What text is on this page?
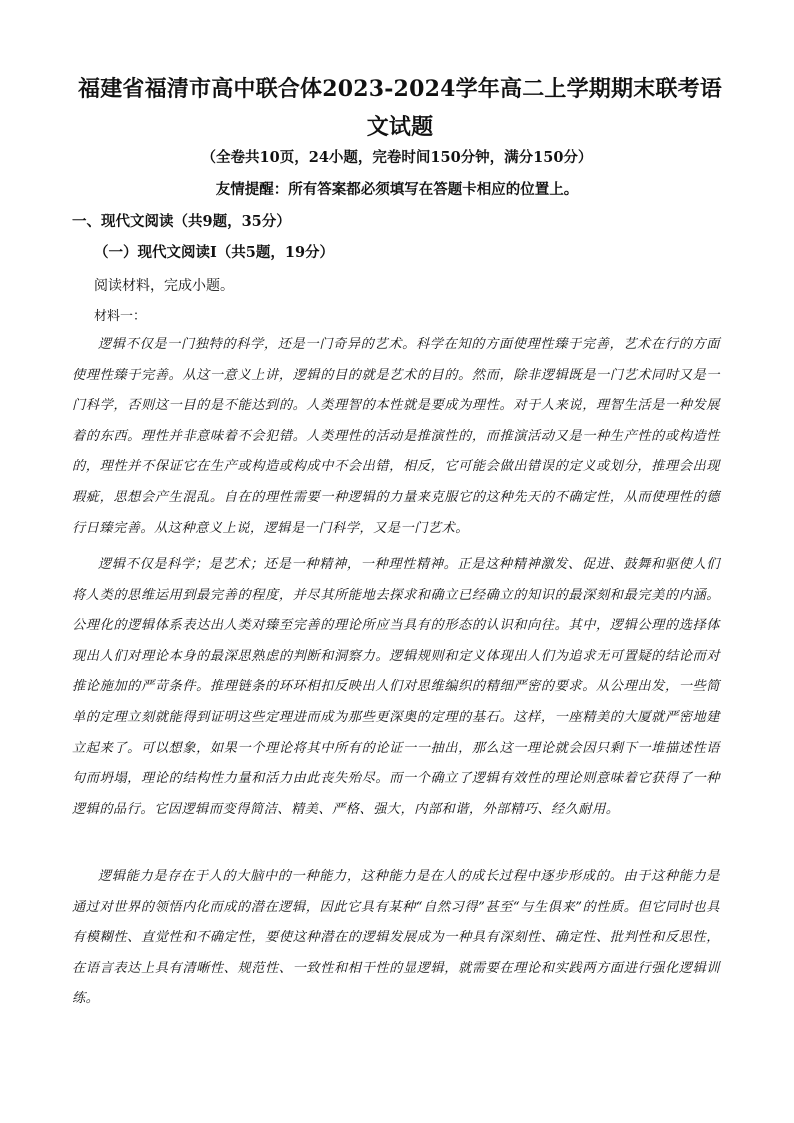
福建省福清市高中联合体2023-2024学年高二上学期期末联考语文试题
（全卷共10页，24小题，完卷时间150分钟，满分150分）
友情提醒：所有答案都必须填写在答题卡相应的位置上。
一、现代文阅读（共9题，35分）
（一）现代文阅读Ⅰ（共5题，19分）
阅读材料，完成小题。
材料一：

逻辑不仅是一门独特的科学，还是一门奇异的艺术。科学在知的方面使理性臻于完善，艺术在行的方面使理性臻于完善。从这一意义上讲，逻辑的目的就是艺术的目的。然而，除非逻辑既是一门艺术同时又是一门科学，否则这一目的是不能达到的。人类理智的本性就是要成为理性。对于人来说，理智生活是一种发展着的东西。理性并非意味着不会犯错。人类理性的活动是推演性的，而推演活动又是一种生产性的或构造性的，理性并不保证它在生产或构造或构成中不会出错，相反，它可能会做出错误的定义或划分，推理会出现瑕疵，思想会产生混乱。自在的理性需要一种逻辑的力量来克服它的这种先天的不确定性，从而使理性的德行日臻完善。从这种意义上说，逻辑是一门科学，又是一门艺术。

逻辑不仅是科学；是艺术；还是一种精神，一种理性精神。正是这种精神激发、促进、鼓舞和驱使人们将人类的思维运用到最完善的程度，并尽其所能地去探求和确立已经确立的知识的最深刻和最完美的内涵。公理化的逻辑体系表达出人类对臻至完善的理论所应当具有的形态的认识和向往。其中，逻辑公理的选择体现出人们对理论本身的最深思熟虑的判断和洞察力。逻辑规则和定义体现出人们为追求无可置疑的结论而对推论施加的严苛条件。推理链条的环环相扣反映出人们对思维编织的精细严密的要求。从公理出发，一些简单的定理立刻就能得到证明这些定理进而成为那些更深奥的定理的基石。这样，一座精美的大厦就严密地建立起来了。可以想象，如果一个理论将其中所有的论证一一抽出，那么这一理论就会因只剩下一堆描述性语句而坍塌，理论的结构性力量和活力由此丧失殆尽。而一个确立了逻辑有效性的理论则意味着它获得了一种逻辑的品行。它因逻辑而变得简洁、精美、严格、强大，内部和谐，外部精巧、经久耐用。

逻辑能力是存在于人的大脑中的一种能力，这种能力是在人的成长过程中逐步形成的。由于这种能力是通过对世界的领悟内化而成的潜在逻辑，因此它具有某种“自然习得”甚至“与生俱来”的性质。但它同时也具有模糊性、直觉性和不确定性，要使这种潜在的逻辑发展成为一种具有深刻性、确定性、批判性和反思性，在语言表达上具有清晰性、规范性、一致性和相干性的显逻辑，就需要在理论和实践两方面进行强化逻辑训练。
